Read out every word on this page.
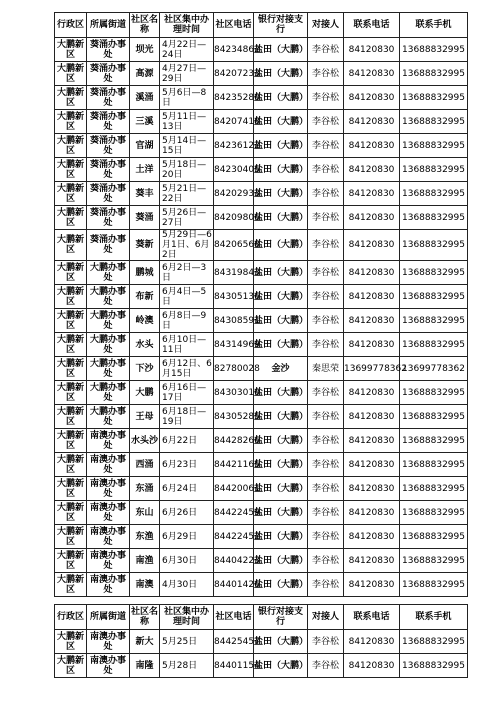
行政区	所属街道	社区名称	社区集中办理时间	社区电话	银行对接支行	对接人	联系电话	联系手机
大鹏新区	葵涌办事处	坝光	4月22日—24日	84234862	盐田（大鹏）	李谷松	84120830	13688832995
大鹏新区	葵涌办事处	高源	4月27日—29日	84207233	盐田（大鹏）	李谷松	84120830	13688832995
大鹏新区	葵涌办事处	溪涌	5月6日—8日	84235280	盐田（大鹏）	李谷松	84120830	13688832995
大鹏新区	葵涌办事处	三溪	5月11日—13日	84207418	盐田（大鹏）	李谷松	84120830	13688832995
大鹏新区	葵涌办事处	官湖	5月14日—15日	84236122	盐田（大鹏）	李谷松	84120830	13688832995
大鹏新区	葵涌办事处	土洋	5月18日—20日	84230405	盐田（大鹏）	李谷松	84120830	13688832995
大鹏新区	葵涌办事处	葵丰	5月21日—22日	84202933	盐田（大鹏）	李谷松	84120830	13688832995
大鹏新区	葵涌办事处	葵涌	5月26日—27日	84209806	盐田（大鹏）	李谷松	84120830	13688832995
大鹏新区	葵涌办事处	葵新	5月29日—6月1日、6月2日	84206568	盐田（大鹏）	李谷松	84120830	13688832995
大鹏新区	大鹏办事处	鹏城	6月2日—3日	84319843	盐田（大鹏）	李谷松	84120830	13688832995
大鹏新区	大鹏办事处	布新	6月4日—5日	84305136	盐田（大鹏）	李谷松	84120830	13688832995
大鹏新区	大鹏办事处	岭澳	6月8日—9日	84308591	盐田（大鹏）	李谷松	84120830	13688832995
大鹏新区	大鹏办事处	水头	6月10日—11日	84314969	盐田（大鹏）	李谷松	84120830	13688832995
大鹏新区	大鹏办事处	下沙	6月12日、6月15日	82780028	金沙	秦思荣	13699778362	13699778362
大鹏新区	大鹏办事处	大鹏	6月16日—17日	84303010	盐田（大鹏）	李谷松	84120830	13688832995
大鹏新区	大鹏办事处	王母	6月18日—19日	84305285	盐田（大鹏）	李谷松	84120830	13688832995
大鹏新区	南澳办事处	水头沙	6月22日	84428266	盐田（大鹏）	李谷松	84120830	13688832995
大鹏新区	南澳办事处	西涌	6月23日	84421165	盐田（大鹏）	李谷松	84120830	13688832995
大鹏新区	南澳办事处	东涌	6月24日	84420061	盐田（大鹏）	李谷松	84120830	13688832995
大鹏新区	南澳办事处	东山	6月26日	84422459	盐田（大鹏）	李谷松	84120830	13688832995
大鹏新区	南澳办事处	东渔	6月29日	84422452	盐田（大鹏）	李谷松	84120830	13688832995
大鹏新区	南澳办事处	南渔	6月30日	84404223	盐田（大鹏）	李谷松	84120830	13688832995
大鹏新区	南澳办事处	南澳	4月30日	84401426	盐田（大鹏）	李谷松	84120830	13688832995
行政区	所属街道	社区名称	社区集中办理时间	社区电话	银行对接支行	对接人	联系电话	联系手机
大鹏新区	南澳办事处	新大	5月25日	84425457	盐田（大鹏）	李谷松	84120830	13688832995
大鹏新区	南澳办事处	南隆	5月28日	84401154	盐田（大鹏）	李谷松	84120830	13688832995
